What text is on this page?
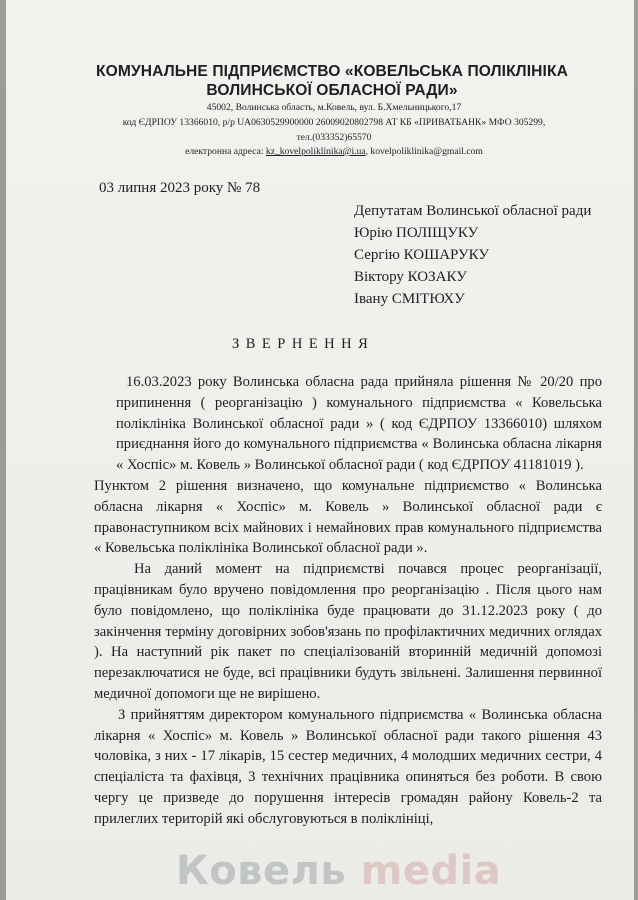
КОМУНАЛЬНЕ ПІДПРИЄМСТВО «КОВЕЛЬСЬКА ПОЛІКЛІНІКА
ВОЛИНСЬКОЇ ОБЛАСНОЇ РАДИ»
45002, Волинська область, м.Ковель, вул. Б.Хмельницького,17
код ЄДРПОУ 13366010, р/р UA0630529900000 26009020802798 АТ КБ «ПРИВАТБАНК» МФО 305299,
тел.(033352)65570
електронна адреса: kz_kovelpoliklinika@i.ua, kovelpoliklinika@gmail.com
03 липня 2023 року № 78
Депутатам Волинської обласної ради
Юрію ПОЛІЩУКУ
Сергію КОШАРУКУ
Віктору КОЗАКУ
Івану СМІТЮХУ
ЗВЕРНЕННЯ

16.03.2023 року Волинська обласна рада прийняла рішення № 20/20 про припинення ( реорганізацію ) комунального підприємства « Ковельська поліклініка Волинської обласної ради » ( код ЄДРПОУ 13366010) шляхом приєднання його до комунального підприємства « Волинська обласна лікарня « Хоспіс» м. Ковель » Волинської обласної ради ( код ЄДРПОУ 41181019 ).

Пунктом 2 рішення визначено, що комунальне підприємство « Волинська обласна лікарня « Хоспіс» м. Ковель » Волинської обласної ради є правонаступником всіх майнових і немайнових прав комунального підприємства « Ковельська поліклініка Волинської обласної ради ».

На даний момент на підприємстві почався процес реорганізації, працівникам було вручено повідомлення про реорганізацію . Після цього нам було повідомлено, що поліклініка буде працювати до 31.12.2023 року ( до закінчення терміну договірних зобов'язань по профілактичних медичних оглядах ). На наступний рік пакет по спеціалізованій вторинній медичній допомозі перезаключатися не буде, всі працівники будуть звільнені. Залишення первинної медичної допомоги ще не вирішено.

З прийняттям директором комунального підприємства « Волинська обласна лікарня « Хоспіс» м. Ковель » Волинської обласної ради такого рішення 43 чоловіка, з них - 17 лікарів, 15 сестер медичних, 4 молодших медичних сестри, 4 спеціаліста та фахівця, 3 технічних працівника опиняться без роботи. В свою чергу це призведе до порушення інтересів громадян району Ковель-2 та прилеглих територій які обслуговуються в поліклініці,

Ковель media
